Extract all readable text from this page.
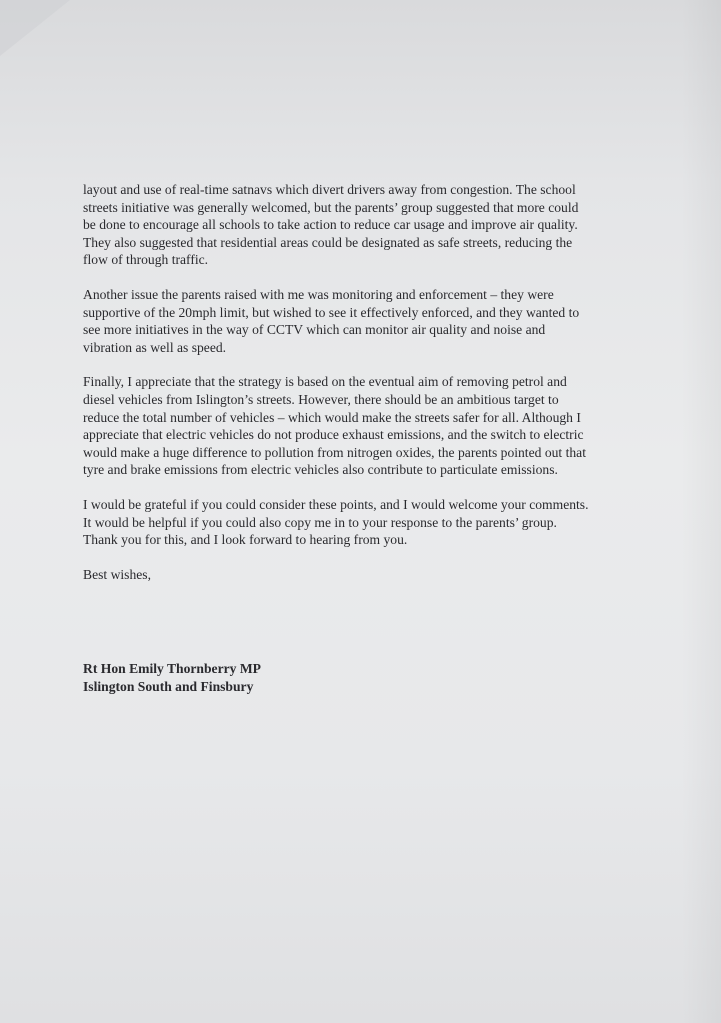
layout and use of real-time satnavs which divert drivers away from congestion. The school
streets initiative was generally welcomed, but the parents’ group suggested that more could
be done to encourage all schools to take action to reduce car usage and improve air quality.
They also suggested that residential areas could be designated as safe streets, reducing the
flow of through traffic.

Another issue the parents raised with me was monitoring and enforcement – they were
supportive of the 20mph limit, but wished to see it effectively enforced, and they wanted to
see more initiatives in the way of CCTV which can monitor air quality and noise and
vibration as well as speed.

Finally, I appreciate that the strategy is based on the eventual aim of removing petrol and
diesel vehicles from Islington’s streets. However, there should be an ambitious target to
reduce the total number of vehicles – which would make the streets safer for all. Although I
appreciate that electric vehicles do not produce exhaust emissions, and the switch to electric
would make a huge difference to pollution from nitrogen oxides, the parents pointed out that
tyre and brake emissions from electric vehicles also contribute to particulate emissions.

I would be grateful if you could consider these points, and I would welcome your comments.
It would be helpful if you could also copy me in to your response to the parents’ group.
Thank you for this, and I look forward to hearing from you.

Best wishes,

Rt Hon Emily Thornberry MP
Islington South and Finsbury
